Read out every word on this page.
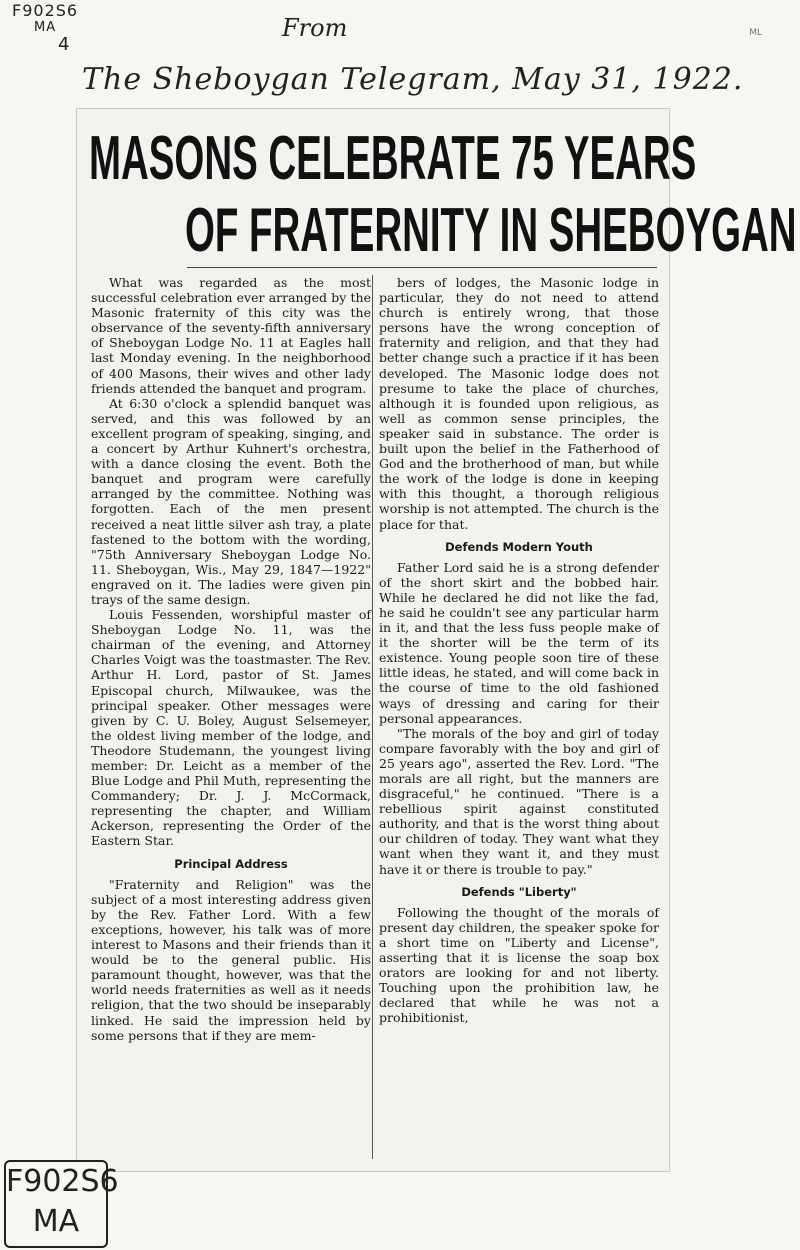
F902S6
MA
4
ML
From
The Sheboygan Telegram, May 31, 1922.
MASONS CELEBRATE 75 YEARS
OF FRATERNITY IN SHEBOYGAN

What was regarded as the most successful celebration ever arranged by the Masonic fraternity of this city was the observance of the seventy-fifth anniversary of Sheboygan Lodge No. 11 at Eagles hall last Monday evening. In the neighborhood of 400 Masons, their wives and other lady friends attended the banquet and program.

At 6:30 o'clock a splendid banquet was served, and this was followed by an excellent program of speaking, singing, and a concert by Arthur Kuhnert's orchestra, with a dance closing the event. Both the banquet and program were carefully arranged by the committee. Nothing was forgotten. Each of the men present received a neat little silver ash tray, a plate fastened to the bottom with the wording, "75th Anniversary Sheboygan Lodge No. 11. Sheboygan, Wis., May 29, 1847—1922" engraved on it. The ladies were given pin trays of the same design.

Louis Fessenden, worshipful master of Sheboygan Lodge No. 11, was the chairman of the evening, and Attorney Charles Voigt was the toastmaster. The Rev. Arthur H. Lord, pastor of St. James Episcopal church, Milwaukee, was the principal speaker. Other messages were given by C. U. Boley, August Selsemeyer, the oldest living member of the lodge, and Theodore Studemann, the youngest living member: Dr. Leicht as a member of the Blue Lodge and Phil Muth, representing the Commandery; Dr. J. J. McCormack, representing the chapter, and William Ackerson, representing the Order of the Eastern Star.

Principal Address

"Fraternity and Religion" was the subject of a most interesting address given by the Rev. Father Lord. With a few exceptions, however, his talk was of more interest to Masons and their friends than it would be to the general public. His paramount thought, however, was that the world needs fraternities as well as it needs religion, that the two should be inseparably linked. He said the impression held by some persons that if they are mem-

bers of lodges, the Masonic lodge in particular, they do not need to attend church is entirely wrong, that those persons have the wrong conception of fraternity and religion, and that they had better change such a practice if it has been developed. The Masonic lodge does not presume to take the place of churches, although it is founded upon religious, as well as common sense principles, the speaker said in substance. The order is built upon the belief in the Fatherhood of God and the brotherhood of man, but while the work of the lodge is done in keeping with this thought, a thorough religious worship is not attempted. The church is the place for that.

Defends Modern Youth

Father Lord said he is a strong defender of the short skirt and the bobbed hair. While he declared he did not like the fad, he said he couldn't see any particular harm in it, and that the less fuss people make of it the shorter will be the term of its existence. Young people soon tire of these little ideas, he stated, and will come back in the course of time to the old fashioned ways of dressing and caring for their personal appearances.

"The morals of the boy and girl of today compare favorably with the boy and girl of 25 years ago", asserted the Rev. Lord. "The morals are all right, but the manners are disgraceful," he continued. "There is a rebellious spirit against constituted authority, and that is the worst thing about our children of today. They want what they want when they want it, and they must have it or there is trouble to pay."

Defends "Liberty"

Following the thought of the morals of present day children, the speaker spoke for a short time on "Liberty and License", asserting that it is license the soap box orators are looking for and not liberty. Touching upon the prohibition law, he declared that while he was not a prohibitionist,

F902S6
MA
